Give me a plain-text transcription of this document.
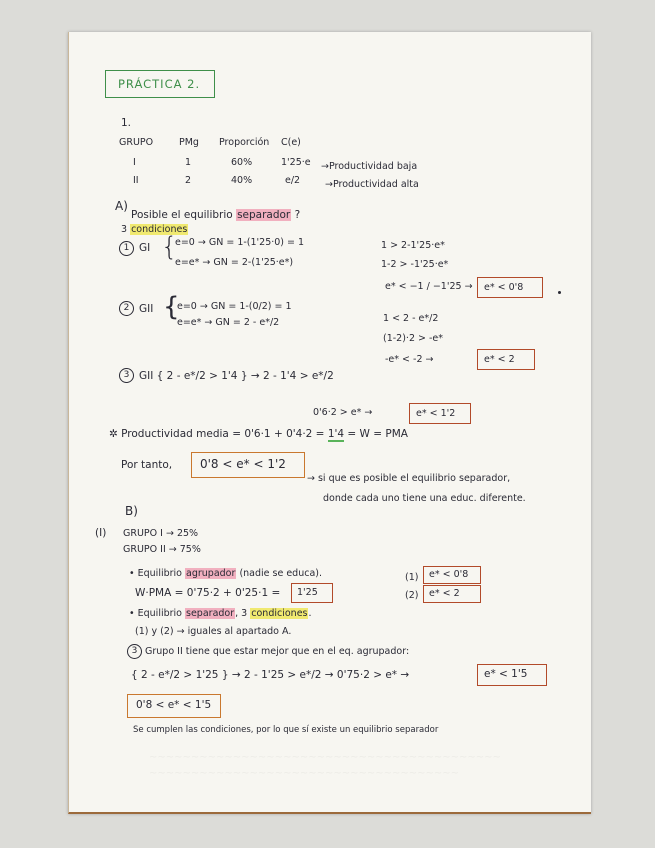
PRÁCTICA 2.
1.
GRUPO	PMg Proporción C(e)
I	1	60%	1'25·e →Productividad baja
II	2	40%	e/2	→Productividad alta
A)
Posible el equilibrio separador ?
3 condiciones
1 GI {
e=0 → GN = 1-(1'25·0) = 1
e=e* → GN = 2-(1'25·e*)
1 > 2-1'25·e*
1-2 > -1'25·e*
e* < −1 / −1'25 →	e* < 0'8
2 GII {
e=0 → GN = 1-(0/2) = 1
e=e* → GN = 2 - e*/2	1 < 2 - e*/2
(1-2)·2 > -e*
-e* < -2 →	e* < 2
3 GII { 2 - e*/2 > 1'4 } → 2 - 1'4 > e*/2
0'6·2 > e* →	e* < 1'2
✲ Productividad media = 0'6·1 + 0'4·2 = 1'4 = W = PMA
Por tanto,	0'8 < e* < 1'2
→ si que es posible el equilibrio separador,
donde cada uno tiene una educ. diferente.
B)
(I) GRUPO I → 25%
GRUPO II → 75%
• Equilibrio agrupador (nadie se educa).
W·PMA = 0'75·2 + 0'25·1 =	1'25
(1)	e* < 0'8
(2)	e* < 2
• Equilibrio separador, 3 condiciones.
(1) y (2) → iguales al apartado A.
3 Grupo II tiene que estar mejor que en el eq. agrupador:
{ 2 - e*/2 > 1'25 } → 2 - 1'25 > e*/2 → 0'75·2 > e* →	e* < 1'5
0'8 < e* < 1'5
Se cumplen las condiciones, por lo que sí existe un equilibrio separador
~~~~~~~~~~~~~~~~~~~~~~~~~~~~~~~~~~~~~~~~~~
~~~~~~~~~~~~~~~~~~~~~~~~~~~~~~~~~~~~~
